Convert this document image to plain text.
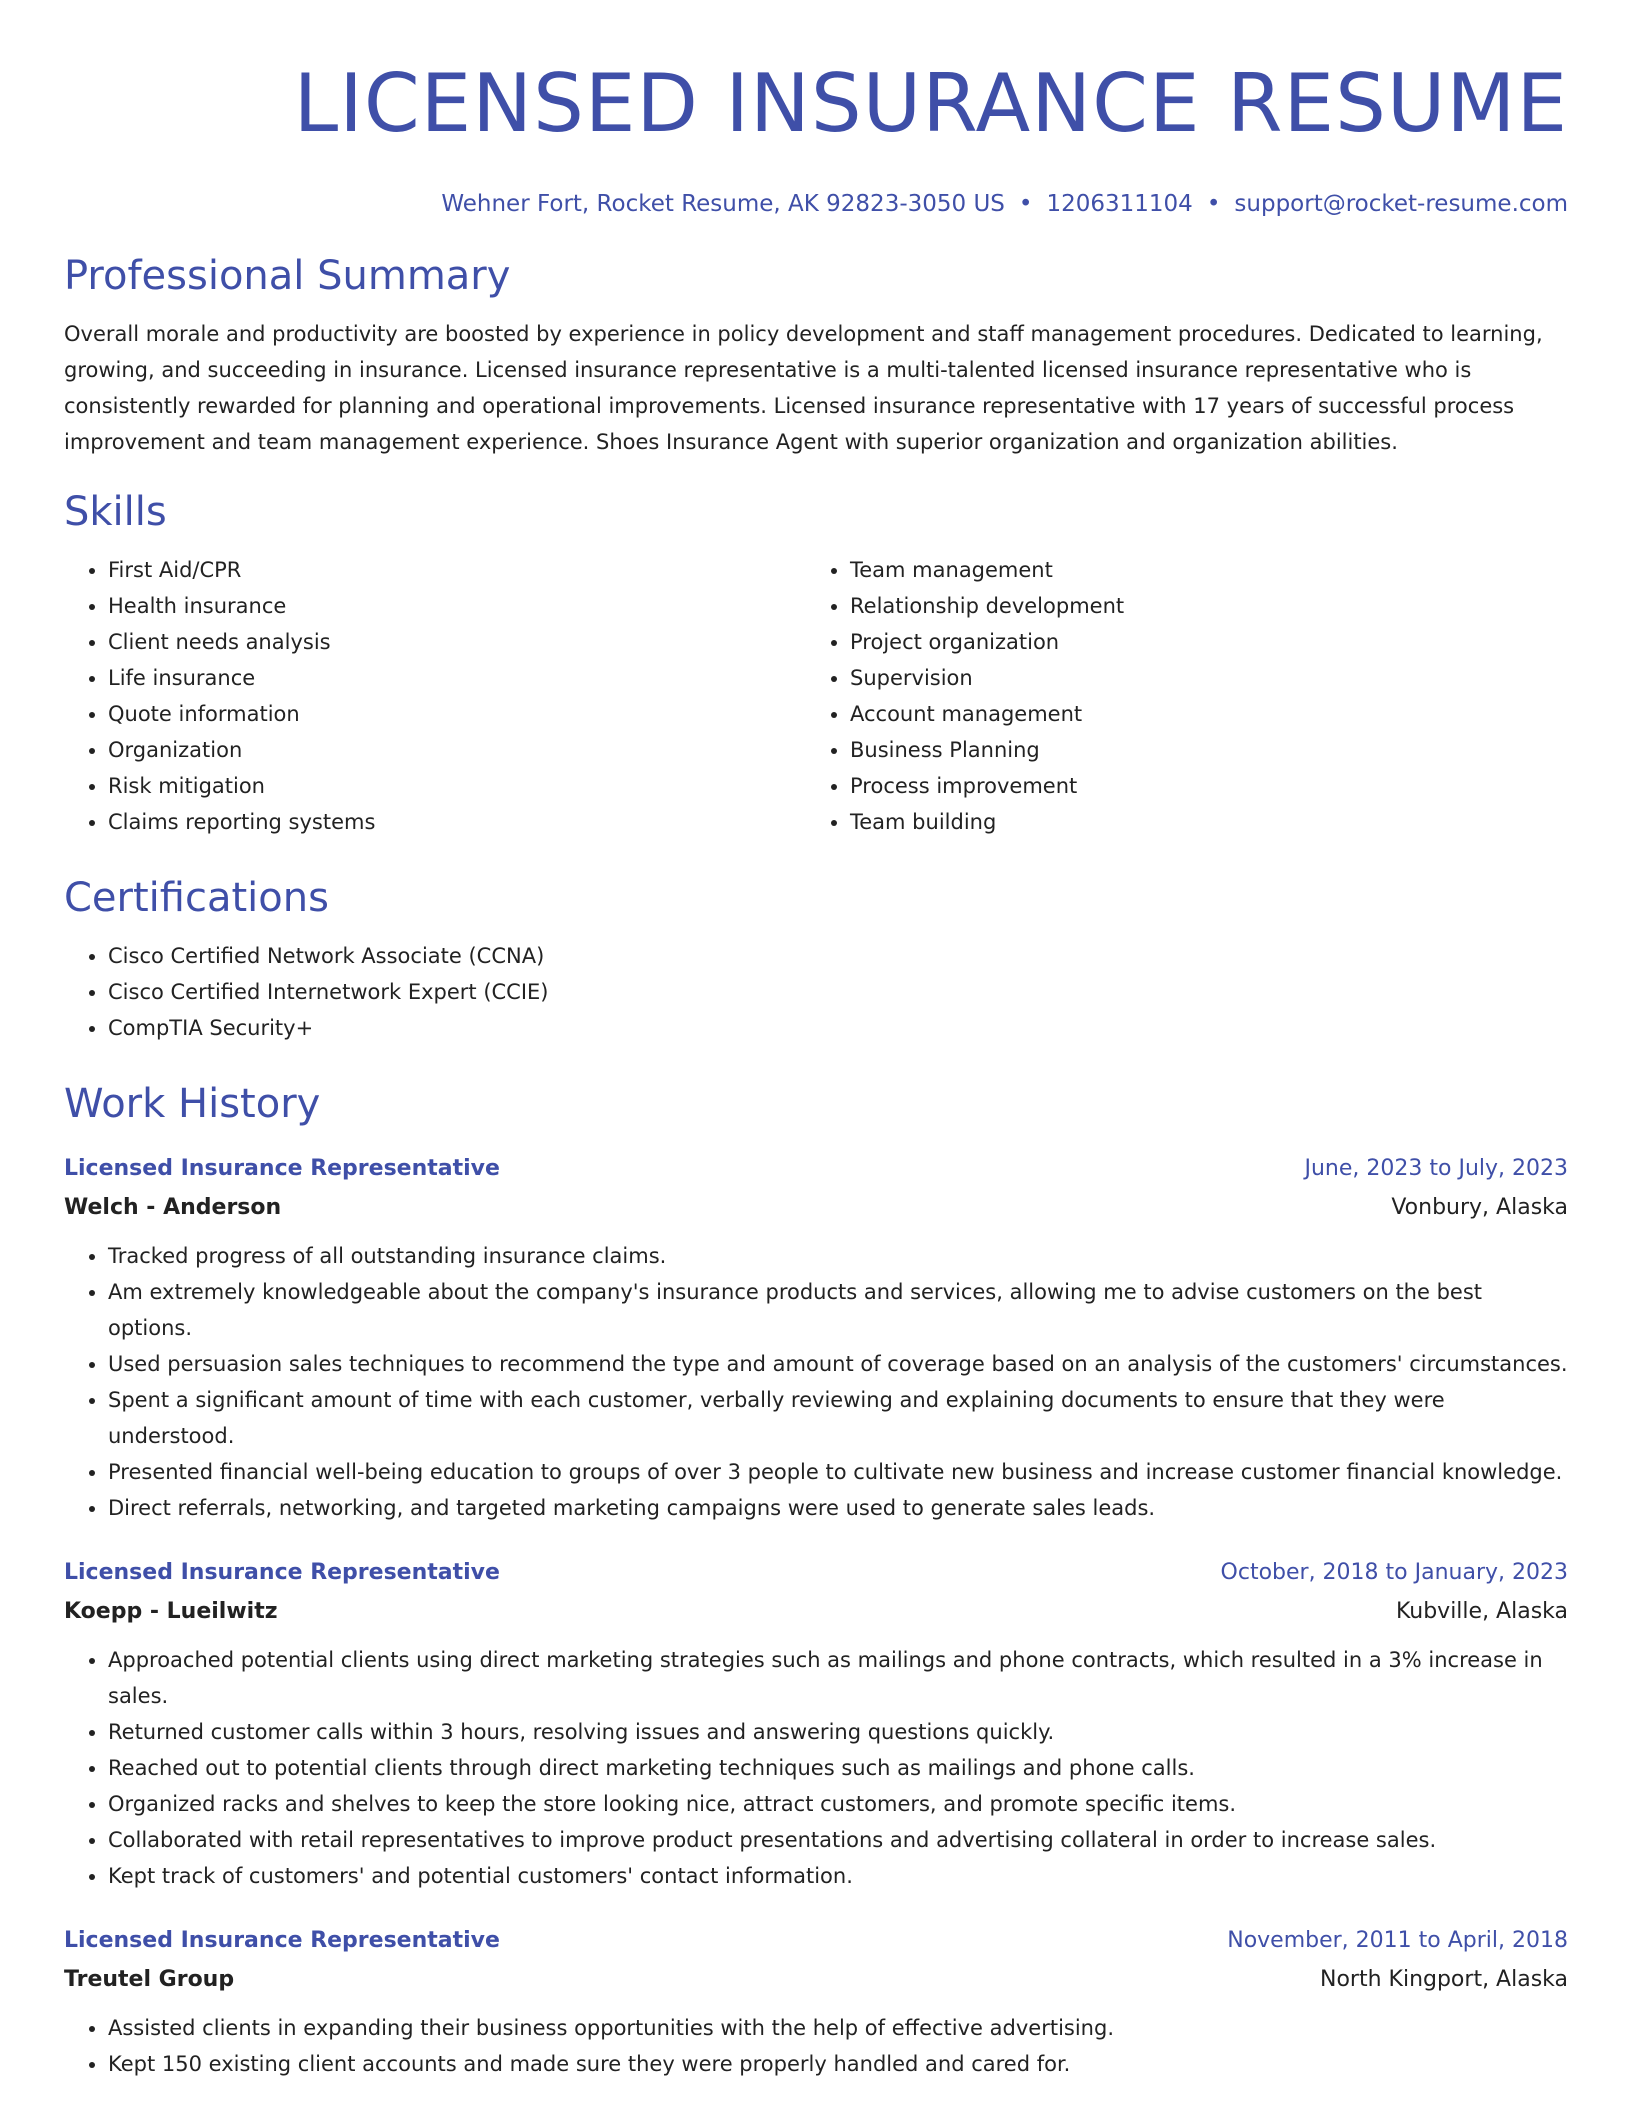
LICENSED INSURANCE RESUME
Wehner Fort, Rocket Resume, AK 92823-3050 US • 1206311104 • support@rocket-resume.com
Professional Summary

Overall morale and productivity are boosted by experience in policy development and staff management procedures. Dedicated to learning, growing, and succeeding in insurance. Licensed insurance representative is a multi-talented licensed insurance representative who is consistently rewarded for planning and operational improvements. Licensed insurance representative with 17 years of successful process improvement and team management experience. Shoes Insurance Agent with superior organization and organization abilities.

Skills
• First Aid/CPR
• Health insurance
• Client needs analysis
• Life insurance
• Quote information
• Organization
• Risk mitigation
• Claims reporting systems
• Team management
• Relationship development
• Project organization
• Supervision
• Account management
• Business Planning
• Process improvement
• Team building
Certifications
• Cisco Certified Network Associate (CCNA)
• Cisco Certified Internetwork Expert (CCIE)
• CompTIA Security+
Work History
Licensed Insurance Representative	June, 2023 to July, 2023
Welch - Anderson	Vonbury, Alaska
• Tracked progress of all outstanding insurance claims.
• Am extremely knowledgeable about the company's insurance products and services, allowing me to advise customers on the best options.
• Used persuasion sales techniques to recommend the type and amount of coverage based on an analysis of the customers' circumstances.
• Spent a significant amount of time with each customer, verbally reviewing and explaining documents to ensure that they were understood.
• Presented financial well-being education to groups of over 3 people to cultivate new business and increase customer financial knowledge.
• Direct referrals, networking, and targeted marketing campaigns were used to generate sales leads.
Licensed Insurance Representative	October, 2018 to January, 2023
Koepp - Lueilwitz	Kubville, Alaska
• Approached potential clients using direct marketing strategies such as mailings and phone contracts, which resulted in a 3% increase in sales.
• Returned customer calls within 3 hours, resolving issues and answering questions quickly.
• Reached out to potential clients through direct marketing techniques such as mailings and phone calls.
• Organized racks and shelves to keep the store looking nice, attract customers, and promote specific items.
• Collaborated with retail representatives to improve product presentations and advertising collateral in order to increase sales.
• Kept track of customers' and potential customers' contact information.
Licensed Insurance Representative	November, 2011 to April, 2018
Treutel Group	North Kingport, Alaska
• Assisted clients in expanding their business opportunities with the help of effective advertising.
• Kept 150 existing client accounts and made sure they were properly handled and cared for.
